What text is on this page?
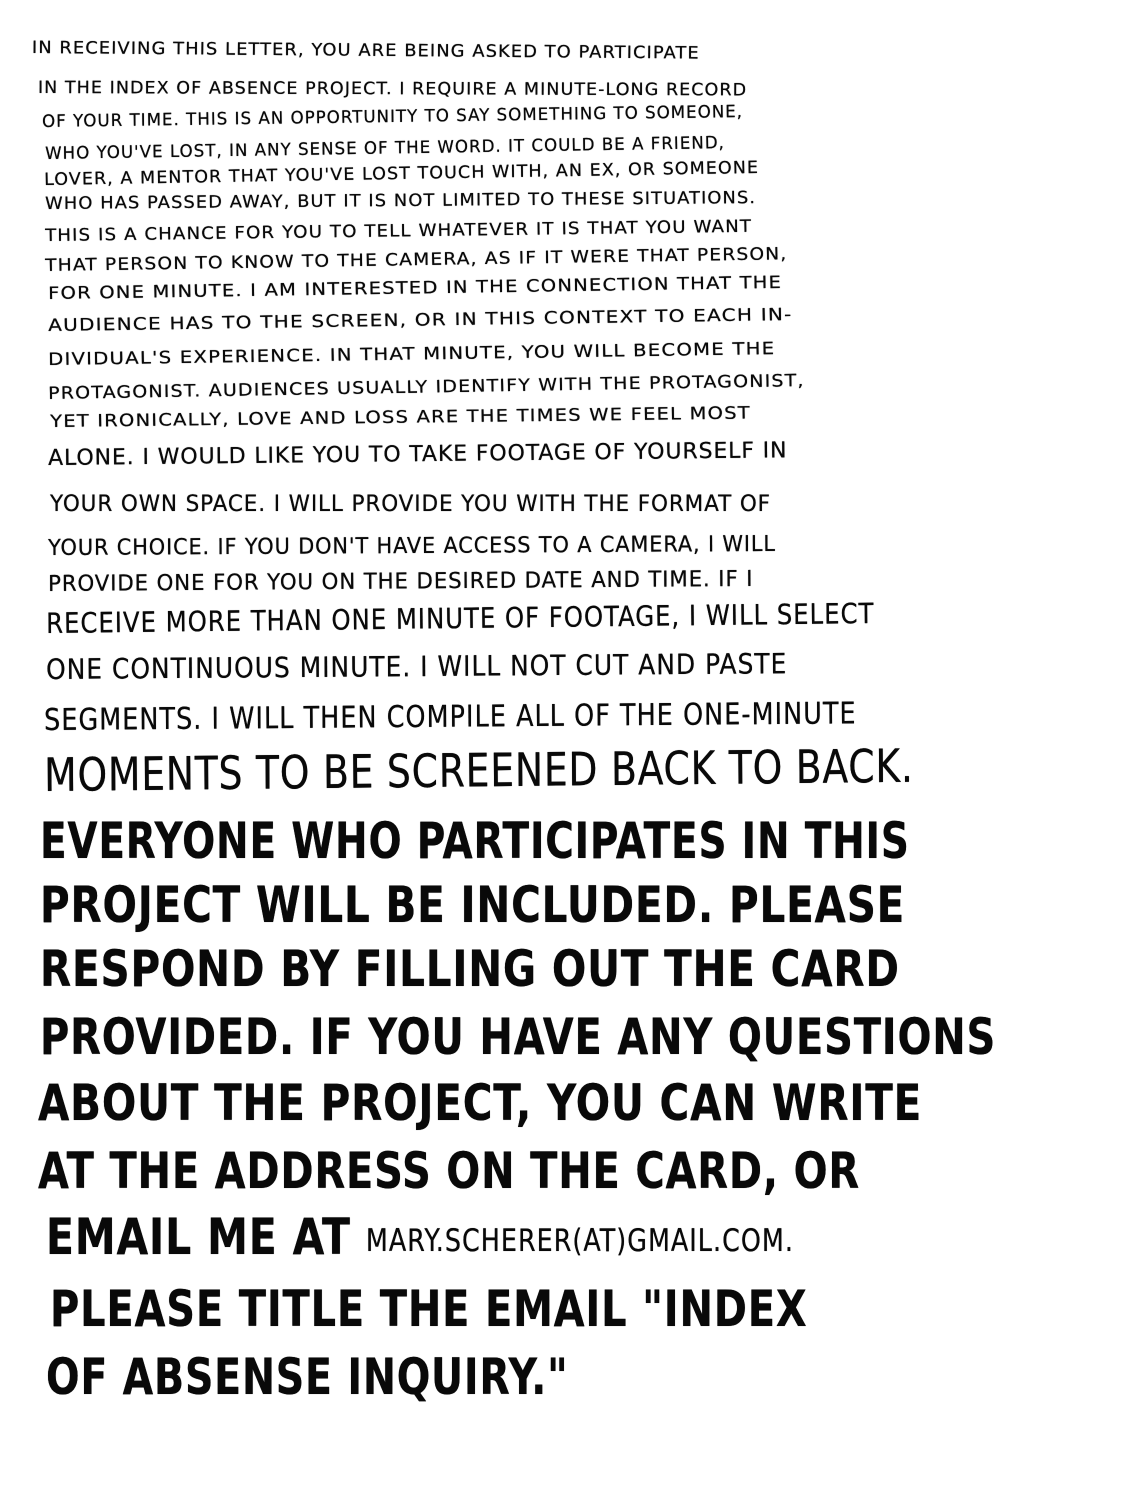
IN RECEIVING THIS LETTER, YOU ARE BEING ASKED TO PARTICIPATE
IN THE INDEX OF ABSENCE PROJECT. I REQUIRE A MINUTE-LONG RECORD
OF YOUR TIME. THIS IS AN OPPORTUNITY TO SAY SOMETHING TO SOMEONE,
WHO YOU'VE LOST, IN ANY SENSE OF THE WORD. IT COULD BE A FRIEND,
LOVER, A MENTOR THAT YOU'VE LOST TOUCH WITH, AN EX, OR SOMEONE
WHO HAS PASSED AWAY, BUT IT IS NOT LIMITED TO THESE SITUATIONS.
THIS IS A CHANCE FOR YOU TO TELL WHATEVER IT IS THAT YOU WANT
THAT PERSON TO KNOW TO THE CAMERA, AS IF IT WERE THAT PERSON,
FOR ONE MINUTE. I AM INTERESTED IN THE CONNECTION THAT THE
AUDIENCE HAS TO THE SCREEN, OR IN THIS CONTEXT TO EACH IN-
DIVIDUAL'S EXPERIENCE. IN THAT MINUTE, YOU WILL BECOME THE
PROTAGONIST. AUDIENCES USUALLY IDENTIFY WITH THE PROTAGONIST,
YET IRONICALLY, LOVE AND LOSS ARE THE TIMES WE FEEL MOST
ALONE. I WOULD LIKE YOU TO TAKE FOOTAGE OF YOURSELF IN
YOUR OWN SPACE. I WILL PROVIDE YOU WITH THE FORMAT OF
YOUR CHOICE. IF YOU DON'T HAVE ACCESS TO A CAMERA, I WILL
PROVIDE ONE FOR YOU ON THE DESIRED DATE AND TIME. IF I
RECEIVE MORE THAN ONE MINUTE OF FOOTAGE, I WILL SELECT
ONE CONTINUOUS MINUTE. I WILL NOT CUT AND PASTE
SEGMENTS. I WILL THEN COMPILE ALL OF THE ONE-MINUTE
MOMENTS TO BE SCREENED BACK TO BACK.
EVERYONE WHO PARTICIPATES IN THIS
PROJECT WILL BE INCLUDED. PLEASE
RESPOND BY FILLING OUT THE CARD
PROVIDED. IF YOU HAVE ANY QUESTIONS
ABOUT THE PROJECT, YOU CAN WRITE
AT THE ADDRESS ON THE CARD, OR
EMAIL ME AT MARY.SCHERER(AT)GMAIL.COM.
PLEASE TITLE THE EMAIL "INDEX
OF ABSENSE INQUIRY."
